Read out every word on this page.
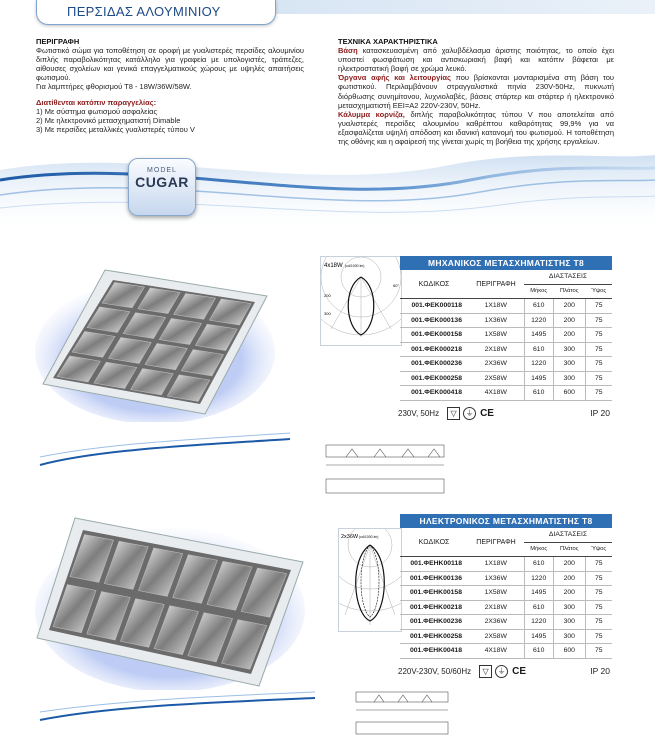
ΠΕΡΣΙΔΑΣ ΑΛΟΥΜΙΝΙΟΥ
ΠΕΡΙΓΡΑΦΗ
Φωτιστικό σώμα για τοποθέτηση σε οροφή με γυαλιστερές περσίδες αλουμινίου διπλής παραβολικότητας κατάλληλο για γραφεία με υπολογιστές, τράπεζες, αίθουσες σχολείων και γενικά επαγγελματικούς χώρους με υψηλές απαιτήσεις φωτισμού.
Για λαμπτήρες φθορισμού Τ8 - 18W/36W/58W.
Διατίθενται κατόπιν παραγγελίας:
1) Με σύστημα φωτισμού ασφαλείας
2) Με ηλεκτρονικό μετασχηματιστή Dimable
3) Με περσίδες μεταλλικές γυαλιστερές τύπου V
ΤΕΧΝΙΚΑ ΧΑΡΑΚΤΗΡΙΣΤΙΚΑ
Βάση κατασκευασμένη από χαλυβδέλασμα άριστης ποιότητας, το οποίο έχει υποστεί φωσφάτωση και αντισκωριακή βαφή και κατόπιν βάφεται με ηλεκτροστατική βαφή σε χρώμα λευκό.
Όργανα αφής και λειτουργίας που βρίσκονται μονταρισμένα στη βάση του φωτιστικού. Περιλαμβάνουν στραγγαλιστικά πηνία 230V-50Hz, πυκνωτή διόρθωσης συνημίτονου, λυχνιολαβές, βάσεις στάρτερ και στάρτερ ή ηλεκτρονικό μετασχηματιστή ΕΕΙ=Α2 220V-230V, 50Hz.
Κάλυμμα κορνίζα, διπλής παραβολικότητας τύπου V που αποτελείται από γυαλιστερές περσίδες αλουμινίου καθρέπτου καθαρότητας 99,9% για να εξασφαλίζεται υψηλή απόδοση και ιδανική κατανομή του φωτισμού. Η τοποθέτηση της οθόνης και η αφαίρεσή της γίνεται χωρίς τη βοήθεια της χρήσης εργαλείων.
MODEL
CUGAR
4x18W (cd/1000 lm)
200
300
60°
ΜΗΧΑΝΙΚΟΣ ΜΕΤΑΣΧΗΜΑΤΙΣΤΗΣ Τ8
ΚΩΔΙΚΟΣ	ΠΕΡΙΓΡΑΦΗ	ΔΙΑΣΤΑΣΕΙΣ		
		Μήκος	Πλάτος	Ύψος
001.ΦΕΚ000118	1X18W	610	200	75
001.ΦΕΚ000136	1X36W	1220	200	75
001.ΦΕΚ000158	1X58W	1495	200	75
001.ΦΕΚ000218	2X18W	610	300	75
001.ΦΕΚ000236	2X36W	1220	300	75
001.ΦΕΚ000258	2X58W	1495	300	75
001.ΦΕΚ000418	4X18W	610	600	75
230V, 50Hz	▽	⏚ CE	IP 20
2x36W (cd/1000 lm)
ΗΛΕΚΤΡΟΝΙΚΟΣ ΜΕΤΑΣΧΗΜΑΤΙΣΤΗΣ Τ8
ΚΩΔΙΚΟΣ	ΠΕΡΙΓΡΑΦΗ	ΔΙΑΣΤΑΣΕΙΣ		
		Μήκος	Πλάτος	Ύψος
001.ΦΕΗΚ00118	1X18W	610	200	75
001.ΦΕΗΚ00136	1X36W	1220	200	75
001.ΦΕΗΚ00158	1X58W	1495	200	75
001.ΦΕΗΚ00218	2X18W	610	300	75
001.ΦΕΗΚ00236	2X36W	1220	300	75
001.ΦΕΗΚ00258	2X58W	1495	300	75
001.ΦΕΗΚ00418	4X18W	610	600	75
220V-230V, 50/60Hz	▽	⏚ CE	IP 20
